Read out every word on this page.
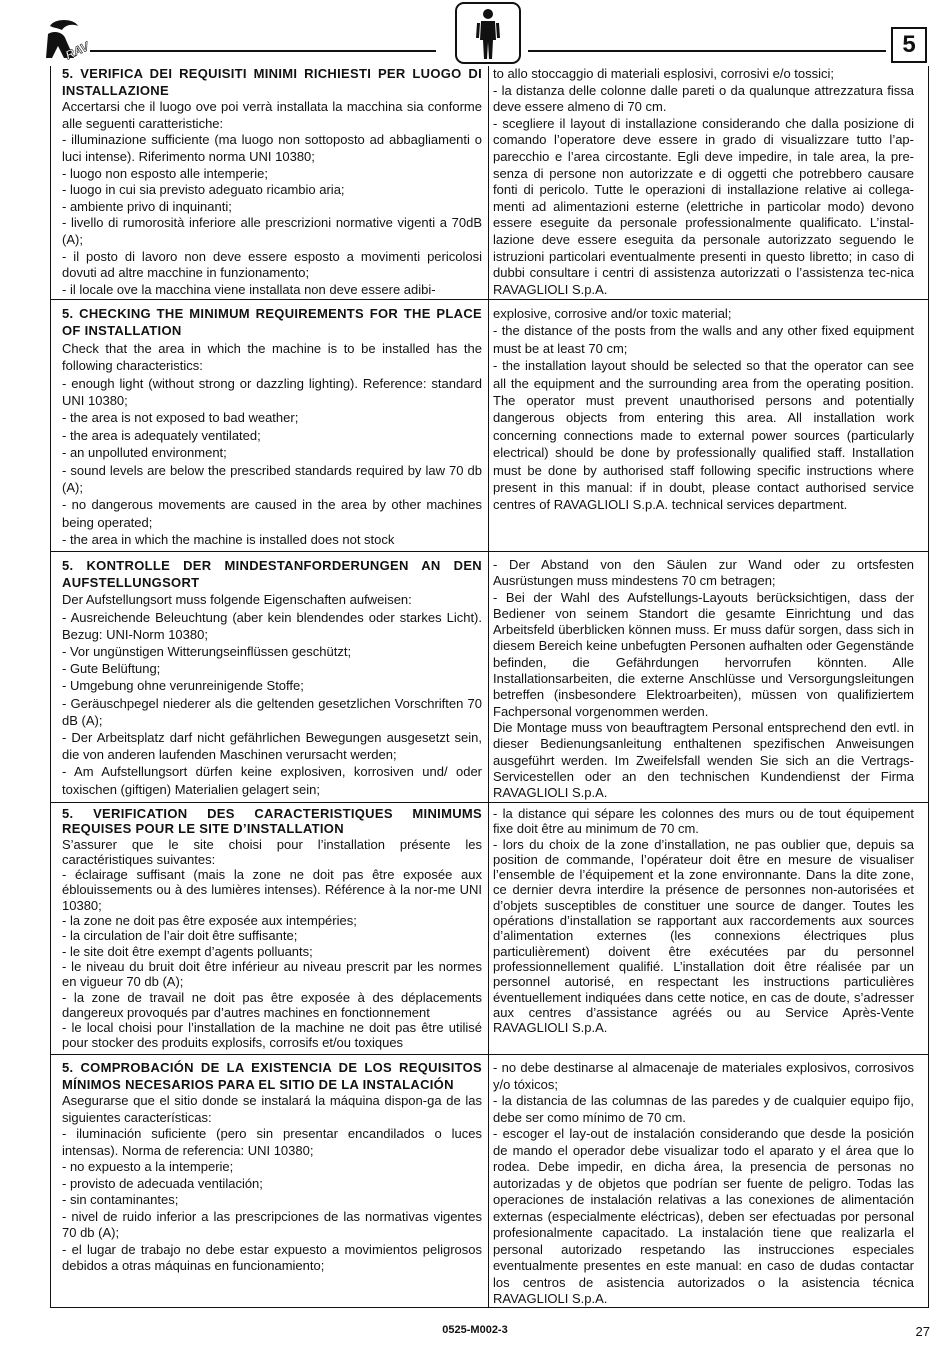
RAV	5
5. VERIFICA DEI REQUISITI MINIMI RICHIESTI PER LUOGO DI INSTALLAZIONE
Accertarsi che il luogo ove poi verrà installata la macchina sia conforme alle seguenti caratteristiche:
- illuminazione sufficiente (ma luogo non sottoposto ad abbagliamenti o luci intense). Riferimento norma UNI 10380;
- luogo non esposto alle intemperie;
- luogo in cui sia previsto adeguato ricambio aria;
- ambiente privo di inquinanti;
- livello di rumorosità inferiore alle prescrizioni normative vigenti a 70dB (A);
- il posto di lavoro non deve essere esposto a movimenti pericolosi dovuti ad altre macchine in funzionamento;
- il locale ove la macchina viene installata non deve essere adibi-
to allo stoccaggio di materiali esplosivi, corrosivi e/o tossici;
- la distanza delle colonne dalle pareti o da qualunque attrezzatura fissa deve essere almeno di 70 cm.
- scegliere il layout di installazione considerando che dalla posizione di comando l’operatore deve essere in grado di visualizzare tutto l’ap-parecchio e l’area circostante. Egli deve impedire, in tale area, la pre-senza di persone non autorizzate e di oggetti che potrebbero causare fonti di pericolo. Tutte le operazioni di installazione relative ai collega-menti ad alimentazioni esterne (elettriche in particolar modo) devono essere eseguite da personale professionalmente qualificato. L’instal-lazione deve essere eseguita da personale autorizzato seguendo le istruzioni particolari eventualmente presenti in questo libretto; in caso di dubbi consultare i centri di assistenza autorizzati o l’assistenza tec-nica RAVAGLIOLI S.p.A.
5. CHECKING THE MINIMUM REQUIREMENTS FOR THE PLACE OF INSTALLATION
Check that the area in which the machine is to be installed has the following characteristics:
- enough light (without strong or dazzling lighting). Reference: standard UNI 10380;
- the area is not exposed to bad weather;
- the area is adequately ventilated;
- an unpolluted environment;
- sound levels are below the prescribed standards required by law 70 db (A);
- no dangerous movements are caused in the area by other machines being operated;
- the area in which the machine is installed does not stock
explosive, corrosive and/or toxic material;
- the distance of the posts from the walls and any other fixed equipment must be at least 70 cm;
- the installation layout should be selected so that the operator can see all the equipment and the surrounding area from the operating position. The operator must prevent unauthorised persons and potentially dangerous objects from entering this area. All installation work concerning connections made to external power sources (particularly electrical) should be done by professionally qualified staff. Installation must be done by authorised staff following specific instructions where present in this manual: if in doubt, please contact authorised service centres of RAVAGLIOLI S.p.A. technical services department.
5. KONTROLLE DER MINDESTANFORDERUNGEN AN DEN AUFSTELLUNGSORT
Der Aufstellungsort muss folgende Eigenschaften aufweisen:
- Ausreichende Beleuchtung (aber kein blendendes oder starkes Licht). Bezug: UNI-Norm 10380;
- Vor ungünstigen Witterungseinflüssen geschützt;
- Gute Belüftung;
- Umgebung ohne verunreinigende Stoffe;
- Geräuschpegel niederer als die geltenden gesetzlichen Vorschriften 70 dB (A);
- Der Arbeitsplatz darf nicht gefährlichen Bewegungen ausgesetzt sein, die von anderen laufenden Maschinen verursacht werden;
- Am Aufstellungsort dürfen keine explosiven, korrosiven und/ oder toxischen (giftigen) Materialien gelagert sein;
- Der Abstand von den Säulen zur Wand oder zu ortsfesten Ausrüstungen muss mindestens 70 cm betragen;
- Bei der Wahl des Aufstellungs-Layouts berücksichtigen, dass der Bediener von seinem Standort die gesamte Einrichtung und das Arbeitsfeld überblicken können muss. Er muss dafür sorgen, dass sich in diesem Bereich keine unbefugten Personen aufhalten oder Gegenstände befinden, die Gefährdungen hervorrufen könnten. Alle Installationsarbeiten, die externe Anschlüsse und Versorgungsleitungen betreffen (insbesondere Elektroarbeiten), müssen von qualifiziertem Fachpersonal vorgenommen werden.
Die Montage muss von beauftragtem Personal entsprechend den evtl. in dieser Bedienungsanleitung enthaltenen spezifischen Anweisungen ausgeführt werden. Im Zweifelsfall wenden Sie sich an die Vertrags-Servicestellen oder an den technischen Kundendienst der Firma RAVAGLIOLI S.p.A.
5. VERIFICATION DES CARACTERISTIQUES MINIMUMS REQUISES POUR LE SITE D’INSTALLATION
S’assurer que le site choisi pour l’installation présente les caractéristiques suivantes:
- éclairage suffisant (mais la zone ne doit pas être exposée aux éblouissements ou à des lumières intenses). Référence à la nor-me UNI 10380;
- la zone ne doit pas être exposée aux intempéries;
- la circulation de l’air doit être suffisante;
- le site doit être exempt d’agents polluants;
- le niveau du bruit doit être inférieur au niveau prescrit par les normes en vigueur 70 db (A);
- la zone de travail ne doit pas être exposée à des déplacements dangereux provoqués par d’autres machines en fonctionnement
- le local choisi pour l’installation de la machine ne doit pas être utilisé pour stocker des produits explosifs, corrosifs et/ou toxiques
- la distance qui sépare les colonnes des murs ou de tout équipement fixe doit être au minimum de 70 cm.
- lors du choix de la zone d’installation, ne pas oublier que, depuis sa position de commande, l’opérateur doit être en mesure de visualiser l’ensemble de l’équipement et la zone environnante. Dans la dite zone, ce dernier devra interdire la présence de personnes non-autorisées et d’objets susceptibles de constituer une source de danger. Toutes les opérations d’installation se rapportant aux raccordements aux sources d’alimentation externes (les connexions électriques plus particulièrement) doivent être exécutées par du personnel professionnellement qualifié. L’installation doit être réalisée par un personnel autorisé, en respectant les instructions particulières éventuellement indiquées dans cette notice, en cas de doute, s’adresser aux centres d’assistance agréés ou au Service Après-Vente RAVAGLIOLI S.p.A.
5. COMPROBACIÓN DE LA EXISTENCIA DE LOS REQUISITOS MÍNIMOS NECESARIOS PARA EL SITIO DE LA INSTALACIÓN
Asegurarse que el sitio donde se instalará la máquina dispon-ga de las siguientes características:
- iluminación suficiente (pero sin presentar encandilados o luces intensas). Norma de referencia: UNI 10380;
- no expuesto a la intemperie;
- provisto de adecuada ventilación;
- sin contaminantes;
- nivel de ruido inferior a las prescripciones de las normativas vigentes 70 db (A);
- el lugar de trabajo no debe estar expuesto a movimientos peligrosos debidos a otras máquinas en funcionamiento;
- no debe destinarse al almacenaje de materiales explosivos, corrosivos y/o tóxicos;
- la distancia de las columnas de las paredes y de cualquier equipo fijo, debe ser como mínimo de 70 cm.
- escoger el lay-out de instalación considerando que desde la posición de mando el operador debe visualizar todo el aparato y el área que lo rodea. Debe impedir, en dicha área, la presencia de personas no autorizadas y de objetos que podrían ser fuente de peligro. Todas las operaciones de instalación relativas a las conexiones de alimentación externas (especialmente eléctricas), deben ser efectuadas por personal profesionalmente capacitado. La instalación tiene que realizarla el personal autorizado respetando las instrucciones especiales eventualmente presentes en este manual: en caso de dudas contactar los centros de asistencia autorizados o la asistencia técnica RAVAGLIOLI S.p.A.
0525-M002-3	27
